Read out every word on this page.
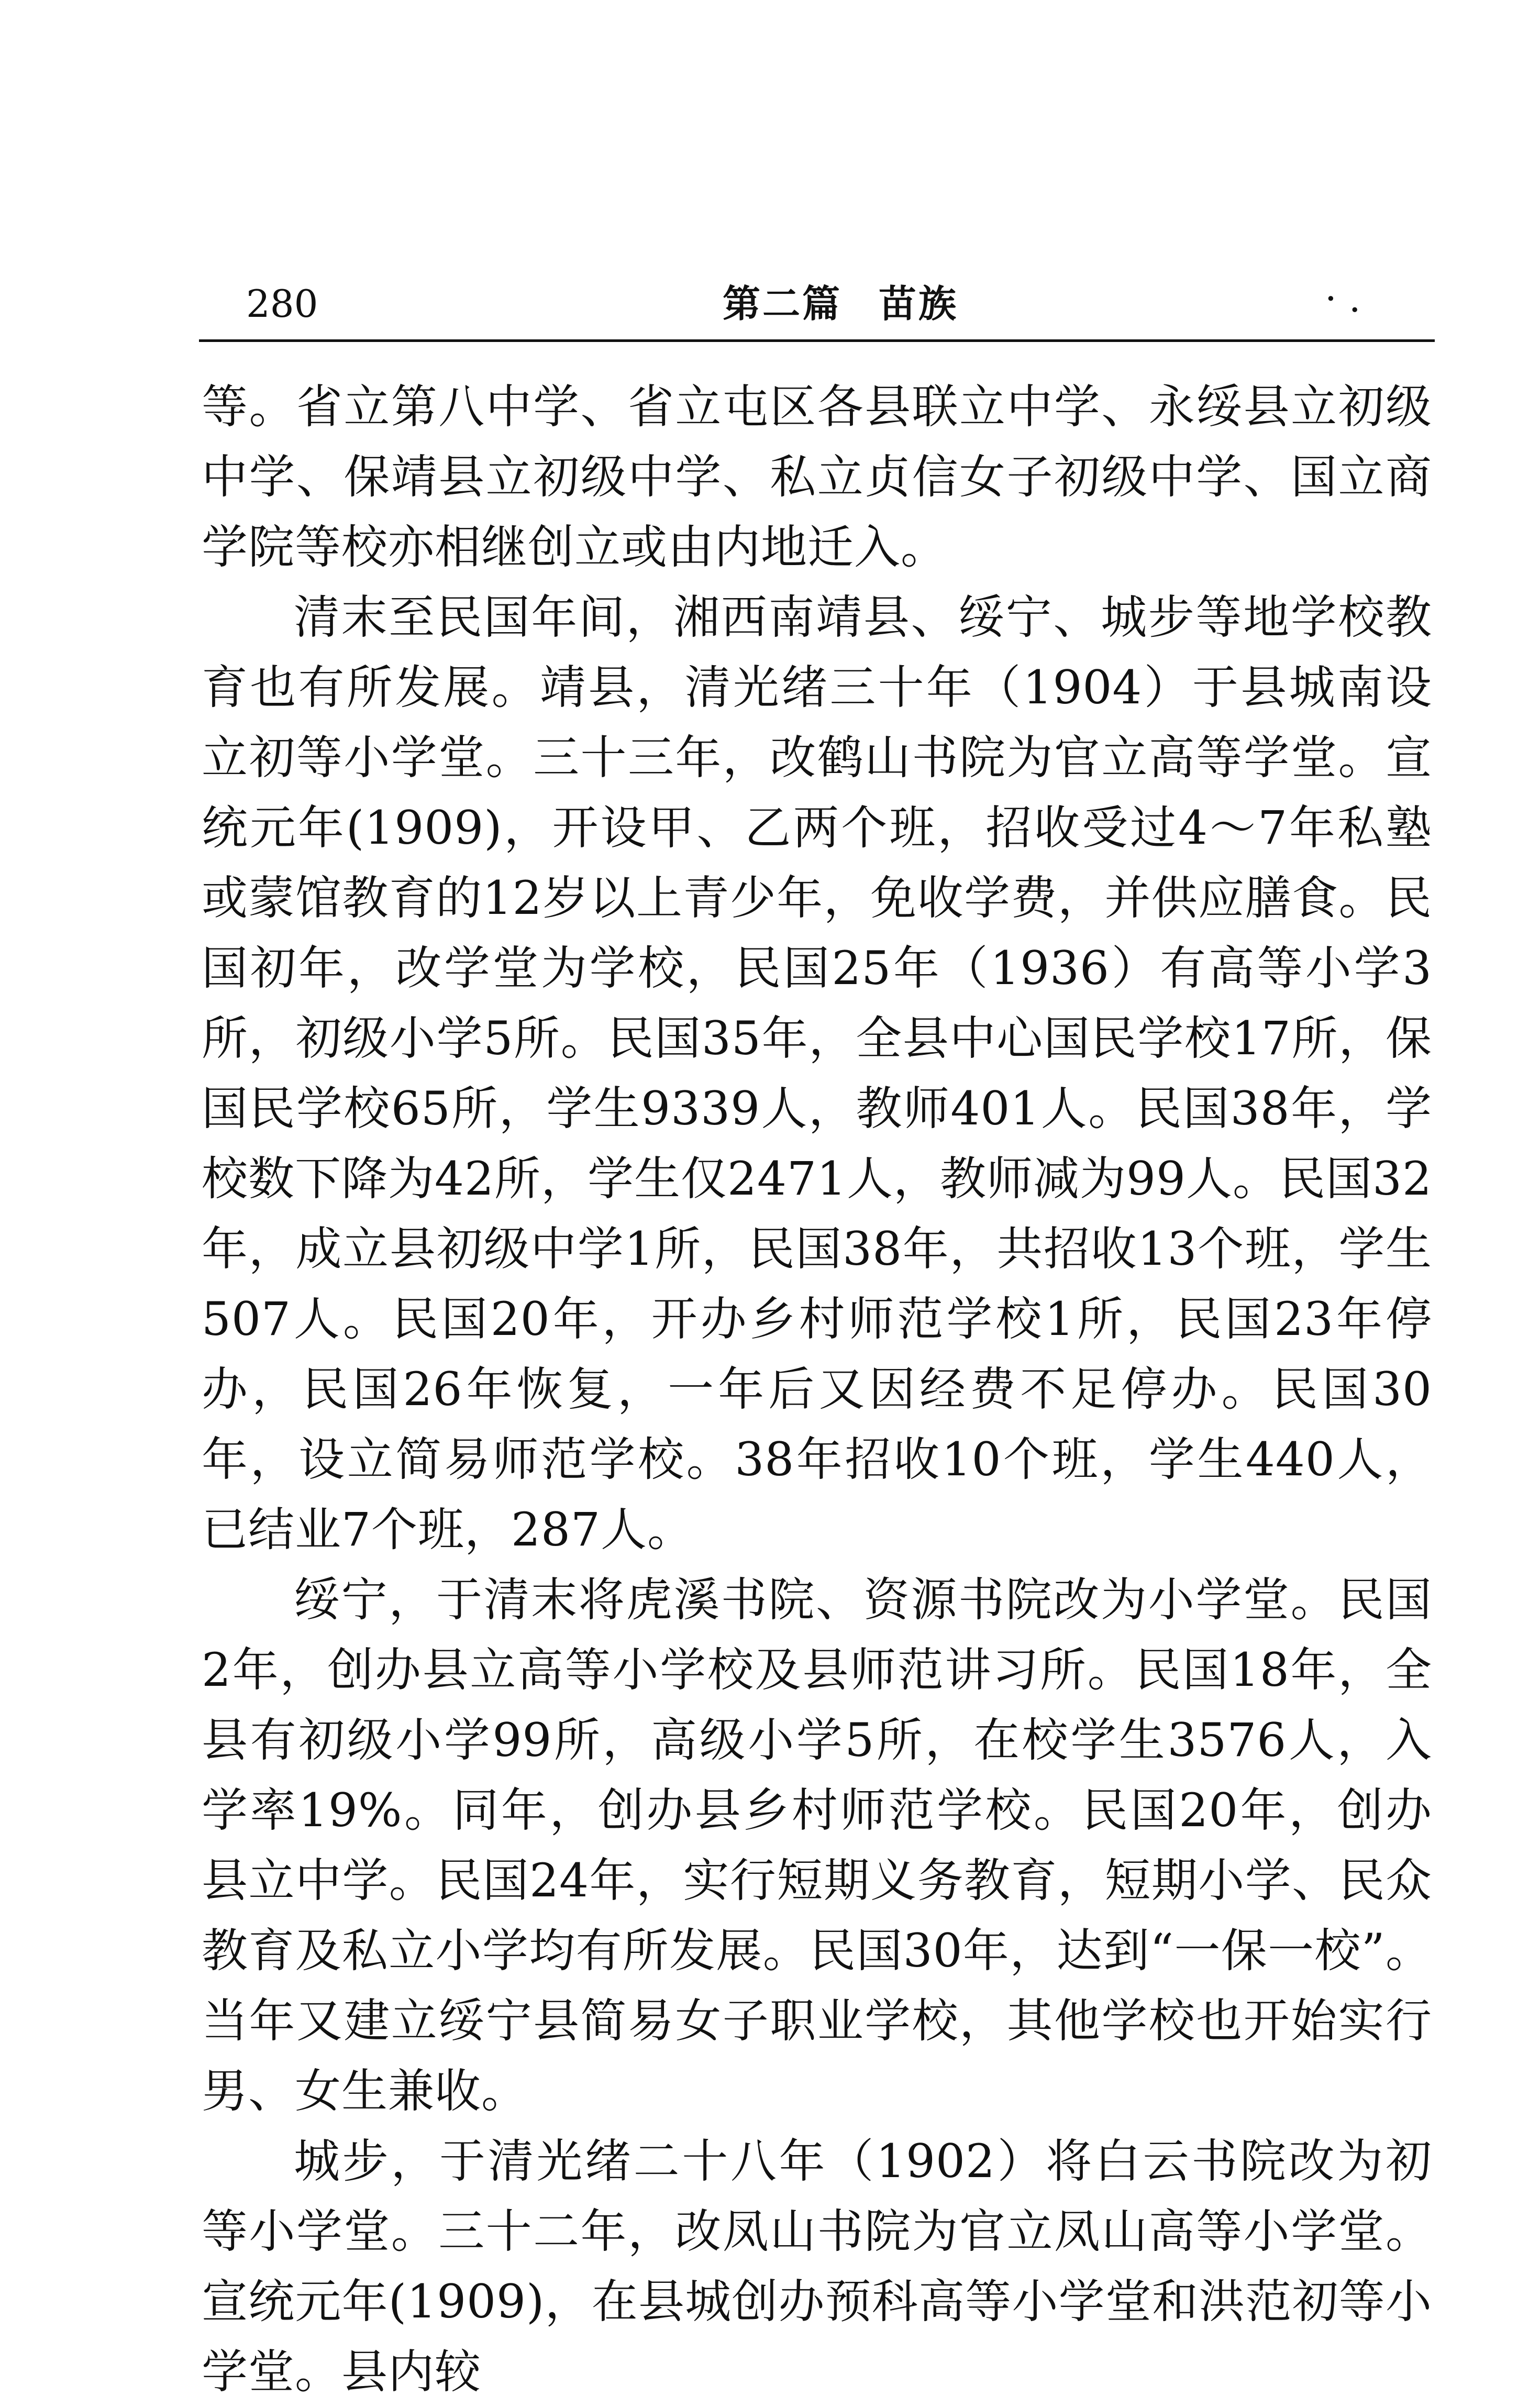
280	第二篇 苗族	· .

等。省立第八中学、省立屯区各县联立中学、永绥县立初级中学、保靖县立初级中学、私立贞信女子初级中学、国立商学院等校亦相继创立或由内地迁入。

清末至民国年间，湘西南靖县、绥宁、城步等地学校教育也有所发展。靖县，清光绪三十年（1904）于县城南设立初等小学堂。三十三年，改鹤山书院为官立高等学堂。宣统元年(1909)，开设甲、乙两个班，招收受过4～7年私塾或蒙馆教育的12岁以上青少年，免收学费，并供应膳食。民国初年，改学堂为学校，民国25年（1936）有高等小学3所，初级小学5所。民国35年，全县中心国民学校17所，保国民学校65所，学生9339人，教师401人。民国38年，学校数下降为42所，学生仅2471人，教师减为99人。民国32年，成立县初级中学1所，民国38年，共招收13个班，学生507人。民国20年，开办乡村师范学校1所，民国23年停办，民国26年恢复，一年后又因经费不足停办。民国30年，设立简易师范学校。38年招收10个班，学生440人，已结业7个班，287人。

绥宁，于清末将虎溪书院、资源书院改为小学堂。民国2年，创办县立高等小学校及县师范讲习所。民国18年，全县有初级小学99所，高级小学5所，在校学生3576人，入学率19%。同年，创办县乡村师范学校。民国20年，创办县立中学。民国24年，实行短期义务教育，短期小学、民众教育及私立小学均有所发展。民国30年，达到“一保一校”。当年又建立绥宁县简易女子职业学校，其他学校也开始实行男、女生兼收。

城步，于清光绪二十八年（1902）将白云书院改为初等小学堂。三十二年，改凤山书院为官立凤山高等小学堂。宣统元年(1909)，在县城创办预科高等小学堂和洪范初等小学堂。县内较
